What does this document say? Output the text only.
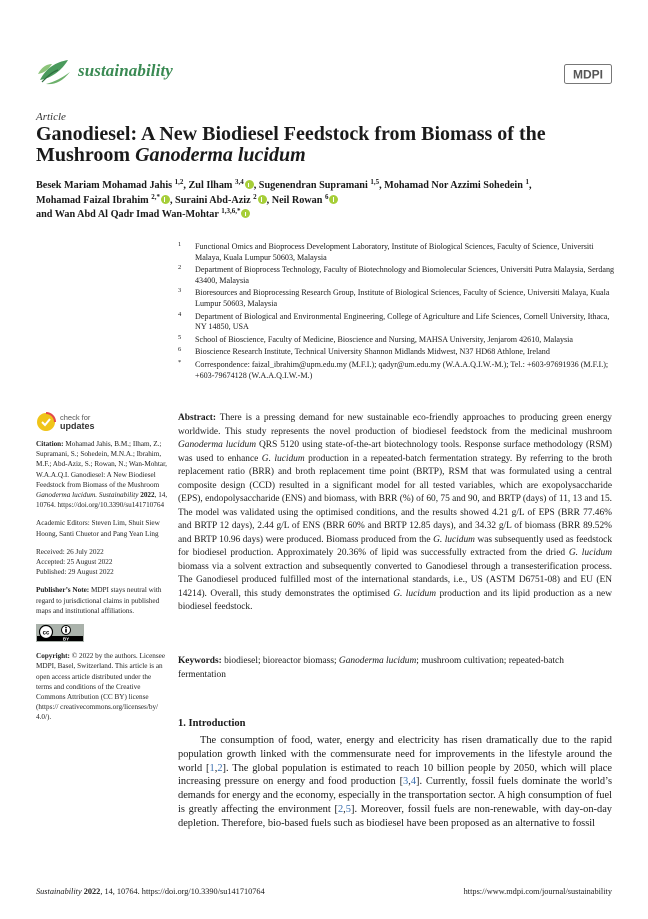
sustainability	MDPI
Article
Ganodiesel: A New Biodiesel Feedstock from Biomass of the Mushroom Ganoderma lucidum
Besek Mariam Mohamad Jahis $^{1,2}$, Zul Ilham $^{3,4}$ , Sugenendran Supramani $^{1,5}$, Mohamad Nor Azzimi Sohedein $^1$,
Mohamad Faizal Ibrahim $^{2,*}$ , Suraini Abd-Aziz $^2$ , Neil Rowan $^6$
and Wan Abd Al Qadr Imad Wan-Mohtar $^{1,3,6,*}$
1 Functional Omics and Bioprocess Development Laboratory, Institute of Biological Sciences, Faculty of Science, Universiti Malaya, Kuala Lumpur 50603, Malaysia
2 Department of Bioprocess Technology, Faculty of Biotechnology and Biomolecular Sciences, Universiti Putra Malaysia, Serdang 43400, Malaysia
3 Bioresources and Bioprocessing Research Group, Institute of Biological Sciences, Faculty of Science, Universiti Malaya, Kuala Lumpur 50603, Malaysia
4 Department of Biological and Environmental Engineering, College of Agriculture and Life Sciences, Cornell University, Ithaca, NY 14850, USA
5 School of Bioscience, Faculty of Medicine, Bioscience and Nursing, MAHSA University, Jenjarom 42610, Malaysia
6 Bioscience Research Institute, Technical University Shannon Midlands Midwest, N37 HD68 Athlone, Ireland
* Correspondence: faizal_ibrahim@upm.edu.my (M.F.I.); qadyr@um.edu.my (W.A.A.Q.I.W.-M.); Tel.: +603-97691936 (M.F.I.); +603-79674128 (W.A.A.Q.I.W.-M.)
check for
updates
Citation: Mohamad Jahis, B.M.; Ilham, Z.; Supramani, S.; Sohedein, M.N.A.; Ibrahim, M.F.; Abd-Aziz, S.; Rowan, N.; Wan-Mohtar, W.A.A.Q.I. Ganodiesel: A New Biodiesel Feedstock from Biomass of the Mushroom Ganoderma lucidum. Sustainability 2022, 14, 10764. https://doi.org/10.3390/su141710764
Academic Editors: Steven Lim, Shuit Siew Hoong, Santi Chuetor and Pang Yean Ling
Received: 26 July 2022
Accepted: 25 August 2022
Published: 29 August 2022
Publisher’s Note: MDPI stays neutral with regard to jurisdictional claims in published maps and institutional affiliations.
cc
BY
Copyright: © 2022 by the authors. Licensee MDPI, Basel, Switzerland. This article is an open access article distributed under the terms and conditions of the Creative Commons Attribution (CC BY) license (https:// creativecommons.org/licenses/by/ 4.0/).
Abstract: There is a pressing demand for new sustainable eco-friendly approaches to producing green energy worldwide. This study represents the novel production of biodiesel feedstock from the medicinal mushroom Ganoderma lucidum QRS 5120 using state-of-the-art biotechnology tools. Response surface methodology (RSM) was used to enhance G. lucidum production in a repeated-batch fermentation strategy. By referring to the broth replacement ratio (BRR) and broth replacement time point (BRTP), RSM that was formulated using a central composite design (CCD) resulted in a significant model for all tested variables, which are exopolysaccharide (EPS), endopolysaccharide (ENS) and biomass, with BRR (%) of 60, 75 and 90, and BRTP (days) of 11, 13 and 15. The model was validated using the optimised conditions, and the results showed 4.21 g/L of EPS (BRR 77.46% and BRTP 12 days), 2.44 g/L of ENS (BRR 60% and BRTP 12.85 days), and 34.32 g/L of biomass (BRR 89.52% and BRTP 10.96 days) were produced. Biomass produced from the G. lucidum was subsequently used as feedstock for biodiesel production. Approximately 20.36% of lipid was successfully extracted from the dried G. lucidum biomass via a solvent extraction and subsequently converted to Ganodiesel through a transesterification process. The Ganodiesel produced fulfilled most of the international standards, i.e., US (ASTM D6751-08) and EU (EN 14214). Overall, this study demonstrates the optimised G. lucidum production and its lipid production as a new biodiesel feedstock.
Keywords: biodiesel; bioreactor biomass; Ganoderma lucidum; mushroom cultivation; repeated-batch fermentation
1. Introduction

The consumption of food, water, energy and electricity has risen dramatically due to the rapid population growth linked with the commensurate need for improvements in the lifestyle around the world [1,2]. The global population is estimated to reach 10 billion people by 2050, which will place increasing pressure on energy and food production [3,4]. Currently, fossil fuels dominate the world’s demands for energy and the economy, especially in the transportation sector. A high consumption of fuel is greatly affecting the environment [2,5]. Moreover, fossil fuels are non-renewable, with day-on-day depletion. Therefore, bio-based fuels such as biodiesel have been proposed as an alternative to fossil

Sustainability 2022, 14, 10764. https://doi.org/10.3390/su141710764	https://www.mdpi.com/journal/sustainability
